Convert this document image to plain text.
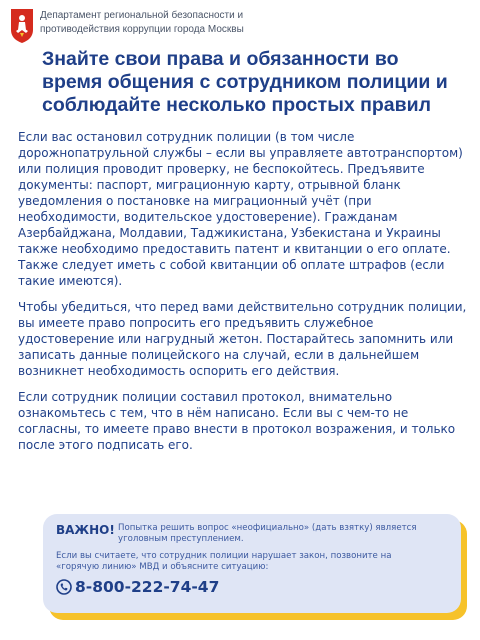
Департамент региональной безопасности и
противодействия коррупции города Москвы
Знайте свои права и обязанности во
время общения с сотрудником полиции и
соблюдайте несколько простых правил

Если вас остановил сотрудник полиции (в том числе дорожнопатрульной службы – если вы управляете автотранспортом) или полиция проводит проверку, не беспокойтесь. Предъявите документы: паспорт, миграционную карту, отрывной бланк уведомления о постановке на миграционный учёт (при необходимости, водительское удостоверение). Гражданам Азербайджана, Молдавии, Таджикистана, Узбекистана и Украины также необходимо предоставить патент и квитанции о его оплате. Также следует иметь с собой квитанции об оплате штрафов (если такие имеются).

Чтобы убедиться, что перед вами действительно сотрудник полиции, вы имеете право попросить его предъявить служебное удостоверение или нагрудный жетон. Постарайтесь запомнить или записать данные полицейского на случай, если в дальнейшем возникнет необходимость оспорить его действия.

Если сотрудник полиции составил протокол, внимательно ознакомьтесь с тем, что в нём написано. Если вы с чем-то не согласны, то имеете право внести в протокол возражения, и только после этого подписать его.

ВАЖНО! Попытка решить вопрос «неофициально» (дать взятку) является уголовным преступлением.
Если вы считаете, что сотрудник полиции нарушает закон, позвоните на «горячую линию» МВД и объясните ситуацию:
8-800-222-74-47
